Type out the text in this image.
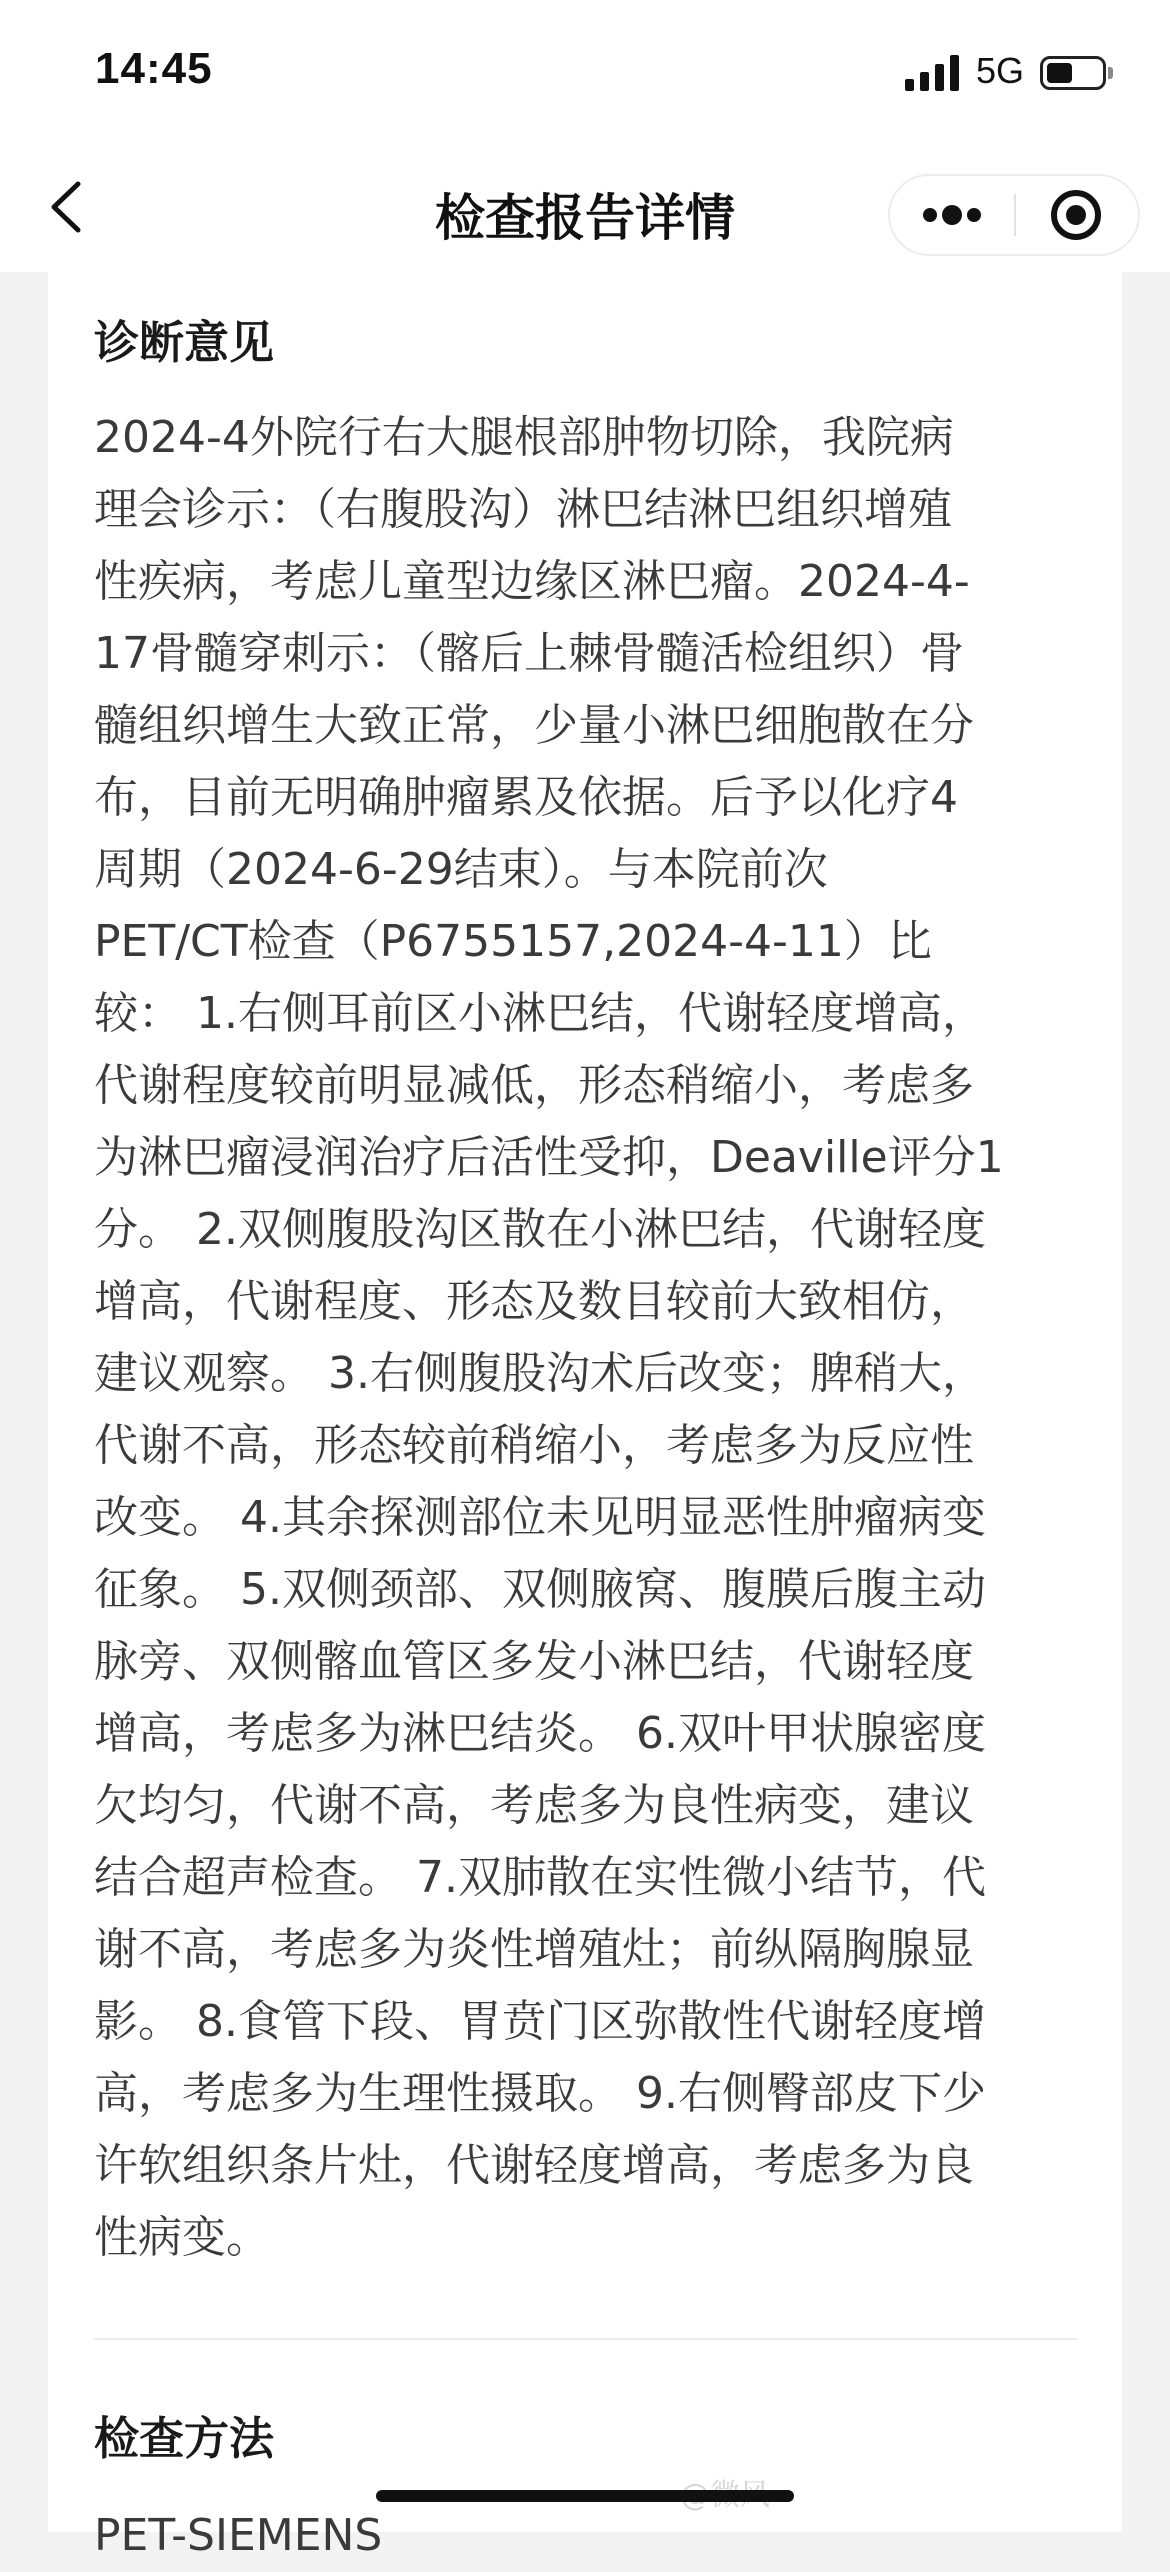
14:45	5G
检查报告详情
诊断意见
2024-4外院行右大腿根部肿物切除，我院病
理会诊示：（右腹股沟）淋巴结淋巴组织增殖
性疾病，考虑儿童型边缘区淋巴瘤。2024-4-
17骨髓穿刺示：（髂后上棘骨髓活检组织）骨
髓组织增生大致正常，少量小淋巴细胞散在分
布，目前无明确肿瘤累及依据。后予以化疗4
周期（2024-6-29结束）。与本院前次
PET/CT检查（P6755157,2024-4-11）比
较： 1.右侧耳前区小淋巴结，代谢轻度增高，
代谢程度较前明显减低，形态稍缩小，考虑多
为淋巴瘤浸润治疗后活性受抑，Deaville评分1
分。 2.双侧腹股沟区散在小淋巴结，代谢轻度
增高，代谢程度、形态及数目较前大致相仿，
建议观察。 3.右侧腹股沟术后改变；脾稍大，
代谢不高，形态较前稍缩小，考虑多为反应性
改变。 4.其余探测部位未见明显恶性肿瘤病变
征象。 5.双侧颈部、双侧腋窝、腹膜后腹主动
脉旁、双侧髂血管区多发小淋巴结，代谢轻度
增高，考虑多为淋巴结炎。 6.双叶甲状腺密度
欠均匀，代谢不高，考虑多为良性病变，建议
结合超声检查。 7.双肺散在实性微小结节，代
谢不高，考虑多为炎性增殖灶；前纵隔胸腺显
影。 8.食管下段、胃贲门区弥散性代谢轻度增
高，考虑多为生理性摄取。 9.右侧臀部皮下少
许软组织条片灶，代谢轻度增高，考虑多为良
性病变。
检查方法
PET-SIEMENS
